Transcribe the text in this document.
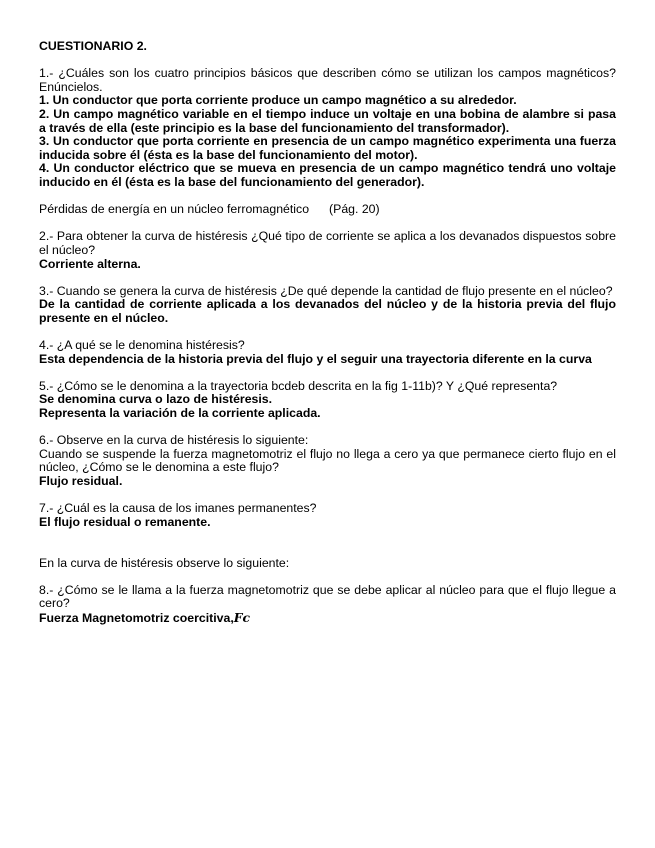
CUESTIONARIO 2.

1.- ¿Cuáles son los cuatro principios básicos que describen cómo se utilizan los campos magnéticos? Enúncielos.

1. Un conductor que porta corriente produce un campo magnético a su alrededor.

2. Un campo magnético variable en el tiempo induce un voltaje en una bobina de alambre si pasa a través de ella (este principio es la base del funcionamiento del transformador).

3. Un conductor que porta corriente en presencia de un campo magnético experimenta una fuerza inducida sobre él (ésta es la base del funcionamiento del motor).

4. Un conductor eléctrico que se mueva en presencia de un campo magnético tendrá uno voltaje inducido en él (ésta es la base del funcionamiento del generador).

Pérdidas de energía en un núcleo ferromagnético (Pág. 20)

2.- Para obtener la curva de histéresis ¿Qué tipo de corriente se aplica a los devanados dispuestos sobre el núcleo?

Corriente alterna.

3.- Cuando se genera la curva de histéresis ¿De qué depende la cantidad de flujo presente en el núcleo?

De la cantidad de corriente aplicada a los devanados del núcleo y de la historia previa del flujo presente en el núcleo.

4.- ¿A qué se le denomina histéresis?

Esta dependencia de la historia previa del flujo y el seguir una trayectoria diferente en la curva

5.- ¿Cómo se le denomina a la trayectoria bcdeb descrita en la fig 1-11b)? Y ¿Qué representa?

Se denomina curva o lazo de histéresis.

Representa la variación de la corriente aplicada.

6.- Observe en la curva de histéresis lo siguiente:

Cuando se suspende la fuerza magnetomotriz el flujo no llega a cero ya que permanece cierto flujo en el núcleo, ¿Cómo se le denomina a este flujo?

Flujo residual.

7.- ¿Cuál es la causa de los imanes permanentes?

El flujo residual o remanente.

En la curva de histéresis observe lo siguiente:

8.- ¿Cómo se le llama a la fuerza magnetomotriz que se debe aplicar al núcleo para que el flujo llegue a cero?

Fuerza Magnetomotriz coercitiva,Fc
